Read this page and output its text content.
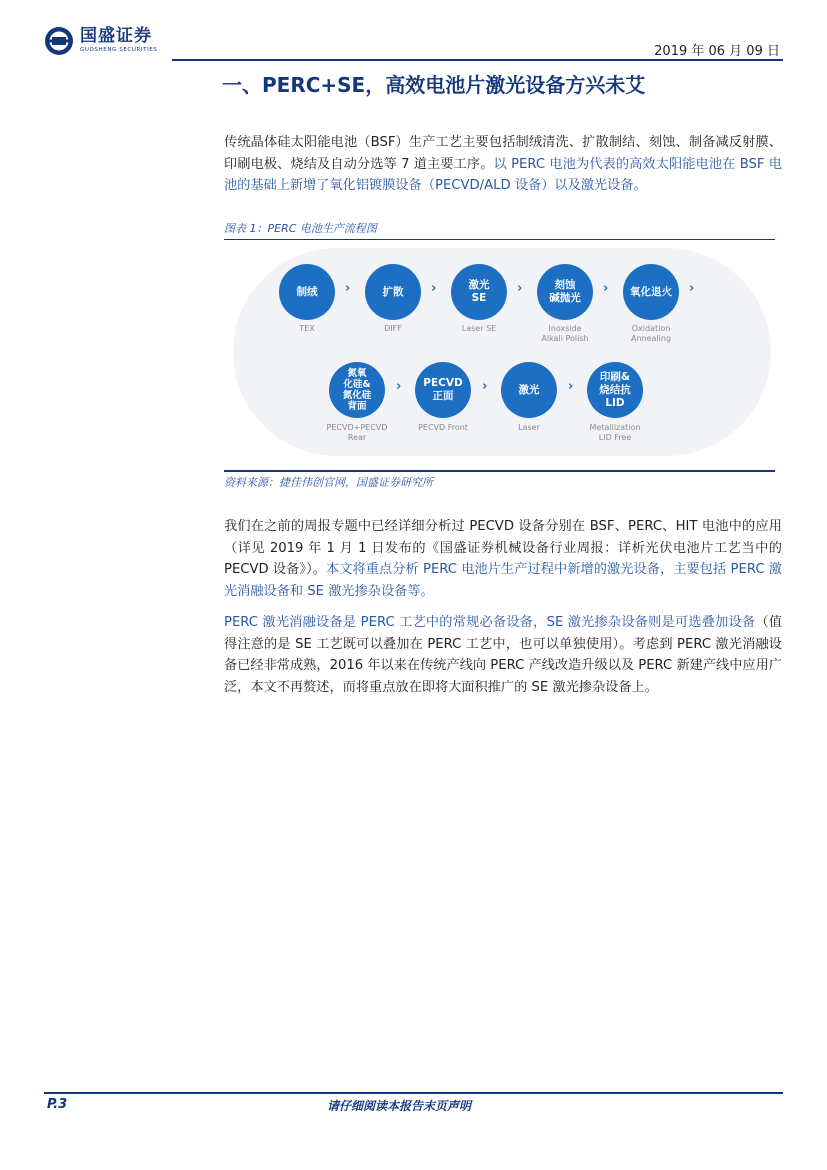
国盛证券
GUOSHENG SECURITIES	2019 年 06 月 09 日
一、PERC+SE，高效电池片激光设备方兴未艾

传统晶体硅太阳能电池（BSF）生产工艺主要包括制绒清洗、扩散制结、刻蚀、制备减反射膜、印刷电极、烧结及自动分选等 7 道主要工序。以 PERC 电池为代表的高效太阳能电池在 BSF 电池的基础上新增了氧化铝镀膜设备（PECVD/ALD 设备）以及激光设备。

图表 1：PERC 电池生产流程图
制绒
TEX
›	扩散
DIFF
›	激光
SE
Laser SE
›	刻蚀
碱抛光
Inoxside
Alkali Polish
›	氧化退火
Oxidation
Annealing
›
氮氧
化硅&
氮化硅
背面
PECVD+PECVD
Rear
›	PECVD
正面
PECVD Front
›	激光
Laser
›
印刷&
烧结抗
LID
Metallization
LID Free
资料来源：捷佳伟创官网，国盛证券研究所

我们在之前的周报专题中已经详细分析过 PECVD 设备分别在 BSF、PERC、HIT 电池中的应用（详见 2019 年 1 月 1 日发布的《国盛证券机械设备行业周报：详析光伏电池片工艺当中的 PECVD 设备》）。本文将重点分析 PERC 电池片生产过程中新增的激光设备，主要包括 PERC 激光消融设备和 SE 激光掺杂设备等。

PERC 激光消融设备是 PERC 工艺中的常规必备设备，SE 激光掺杂设备则是可选叠加设备（值得注意的是 SE 工艺既可以叠加在 PERC 工艺中，也可以单独使用）。考虑到 PERC 激光消融设备已经非常成熟，2016 年以来在传统产线向 PERC 产线改造升级以及 PERC 新建产线中应用广泛，本文不再赘述，而将重点放在即将大面积推广的 SE 激光掺杂设备上。

P.3	请仔细阅读本报告末页声明
